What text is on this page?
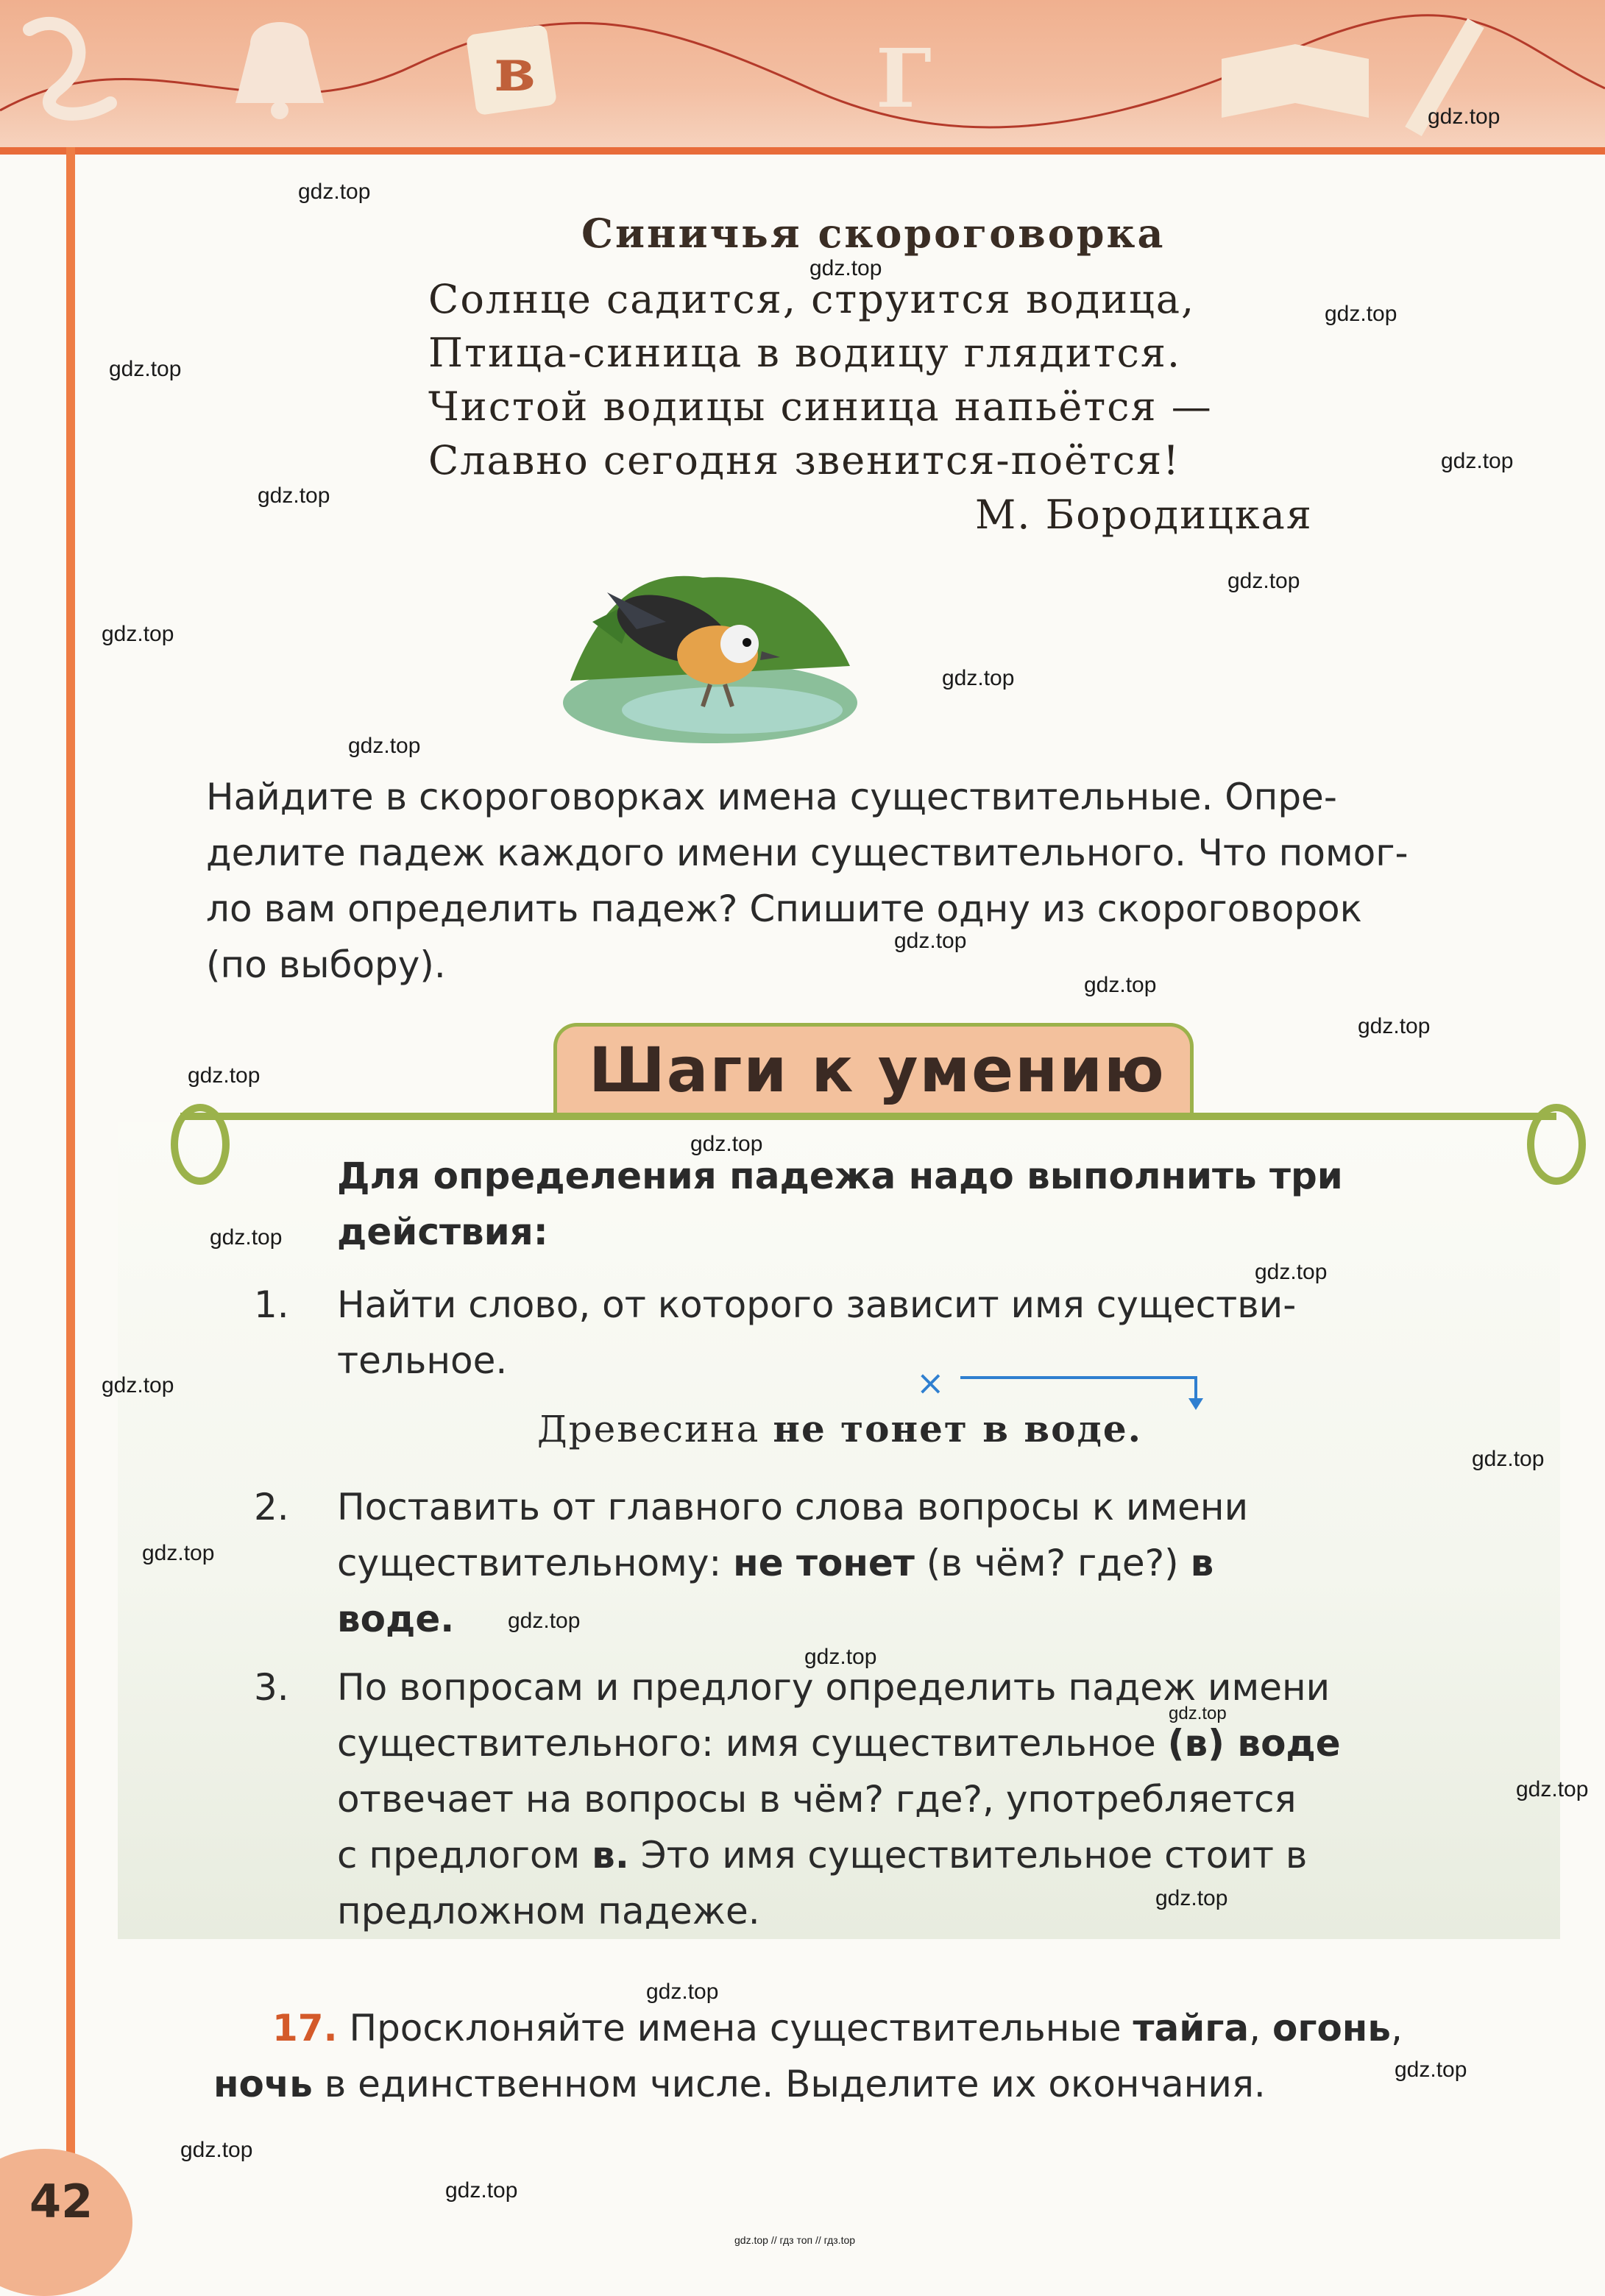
в	Г
Синичья скороговорка
Солнце садится, струится водица,
Птица-синица в водицу глядится.
Чистой водицы синица напьётся —
Славно сегодня звенится-поётся!
М. Бородицкая
Найдите в скороговорках имена существительные. Опре-
делите падеж каждого имени существительного. Что помог-
ло вам определить падеж? Спишите одну из скороговорок
(по выбору).
Шаги к умению
Для определения падежа надо выполнить три
действия:
1. Найти слово, от которого зависит имя существи-
тельное.
×
Древесина не тонет в воде.
2. Поставить от главного слова вопросы к имени
существительному: не тонет (в чём? где?) в
воде.
3. По вопросам и предлогу определить падеж имени
существительного: имя существительное (в) воде
отвечает на вопросы в чём? где?, употребляется
с предлогом в. Это имя существительное стоит в
предложном падеже.
17. Просклоняйте имена существительные тайга, огонь,
ночь в единственном числе. Выделите их окончания.
42
gdz.top
gdz.top
gdz.top
gdz.top
gdz.top
gdz.top
gdz.top
gdz.top
gdz.top
gdz.top
gdz.top
gdz.top
gdz.top
gdz.top
gdz.top
gdz.top
gdz.top
gdz.top
gdz.top
gdz.top
gdz.top
gdz.top
gdz.top
gdz.top
gdz.top
gdz.top
gdz.top
gdz.top
gdz.top
gdz.top
gdz.top // гдз топ // гдз.top
